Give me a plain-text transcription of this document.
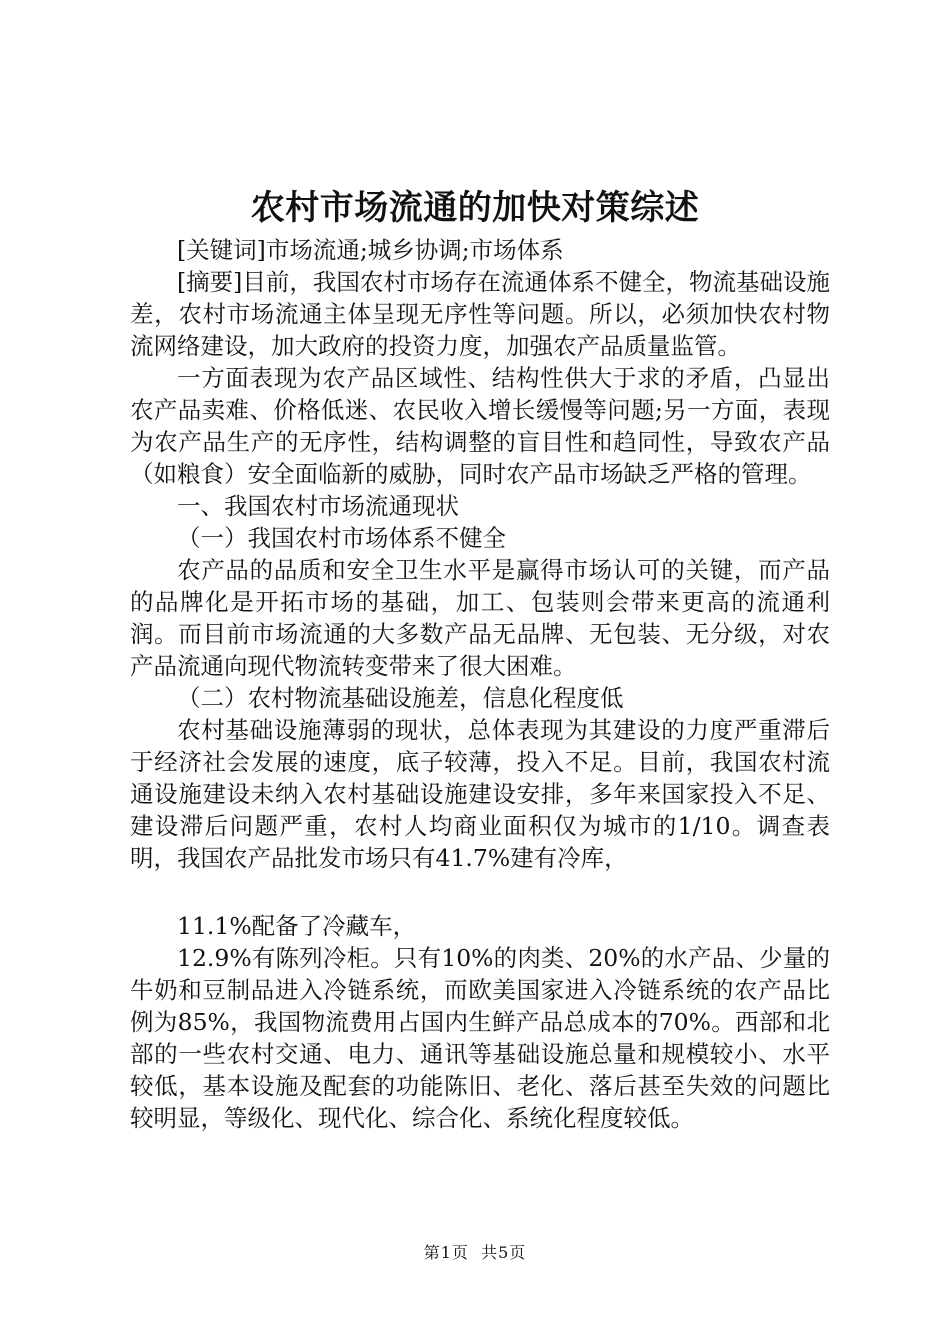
农村市场流通的加快对策综述

[关键词]市场流通;城乡协调;市场体系

[摘要]目前，我国农村市场存在流通体系不健全，物流基础设施差，农村市场流通主体呈现无序性等问题。所以，必须加快农村物流网络建设，加大政府的投资力度，加强农产品质量监管。

一方面表现为农产品区域性、结构性供大于求的矛盾，凸显出农产品卖难、价格低迷、农民收入增长缓慢等问题;另一方面，表现为农产品生产的无序性，结构调整的盲目性和趋同性，导致农产品（如粮食）安全面临新的威胁，同时农产品市场缺乏严格的管理。

一、我国农村市场流通现状

（一）我国农村市场体系不健全

农产品的品质和安全卫生水平是赢得市场认可的关键，而产品的品牌化是开拓市场的基础，加工、包装则会带来更高的流通利润。而目前市场流通的大多数产品无品牌、无包装、无分级，对农产品流通向现代物流转变带来了很大困难。

（二）农村物流基础设施差，信息化程度低

农村基础设施薄弱的现状，总体表现为其建设的力度严重滞后于经济社会发展的速度，底子较薄，投入不足。目前，我国农村流通设施建设未纳入农村基础设施建设安排，多年来国家投入不足、建设滞后问题严重，农村人均商业面积仅为城市的1/10。调查表明，我国农产品批发市场只有41.7%建有冷库，

11.1%配备了冷藏车，

12.9%有陈列冷柜。只有10%的肉类、20%的水产品、少量的牛奶和豆制品进入冷链系统，而欧美国家进入冷链系统的农产品比例为85%，我国物流费用占国内生鲜产品总成本的70%。西部和北部的一些农村交通、电力、通讯等基础设施总量和规模较小、水平较低，基本设施及配套的功能陈旧、老化、落后甚至失效的问题比较明显，等级化、现代化、综合化、系统化程度较低。

第1页 共5页
